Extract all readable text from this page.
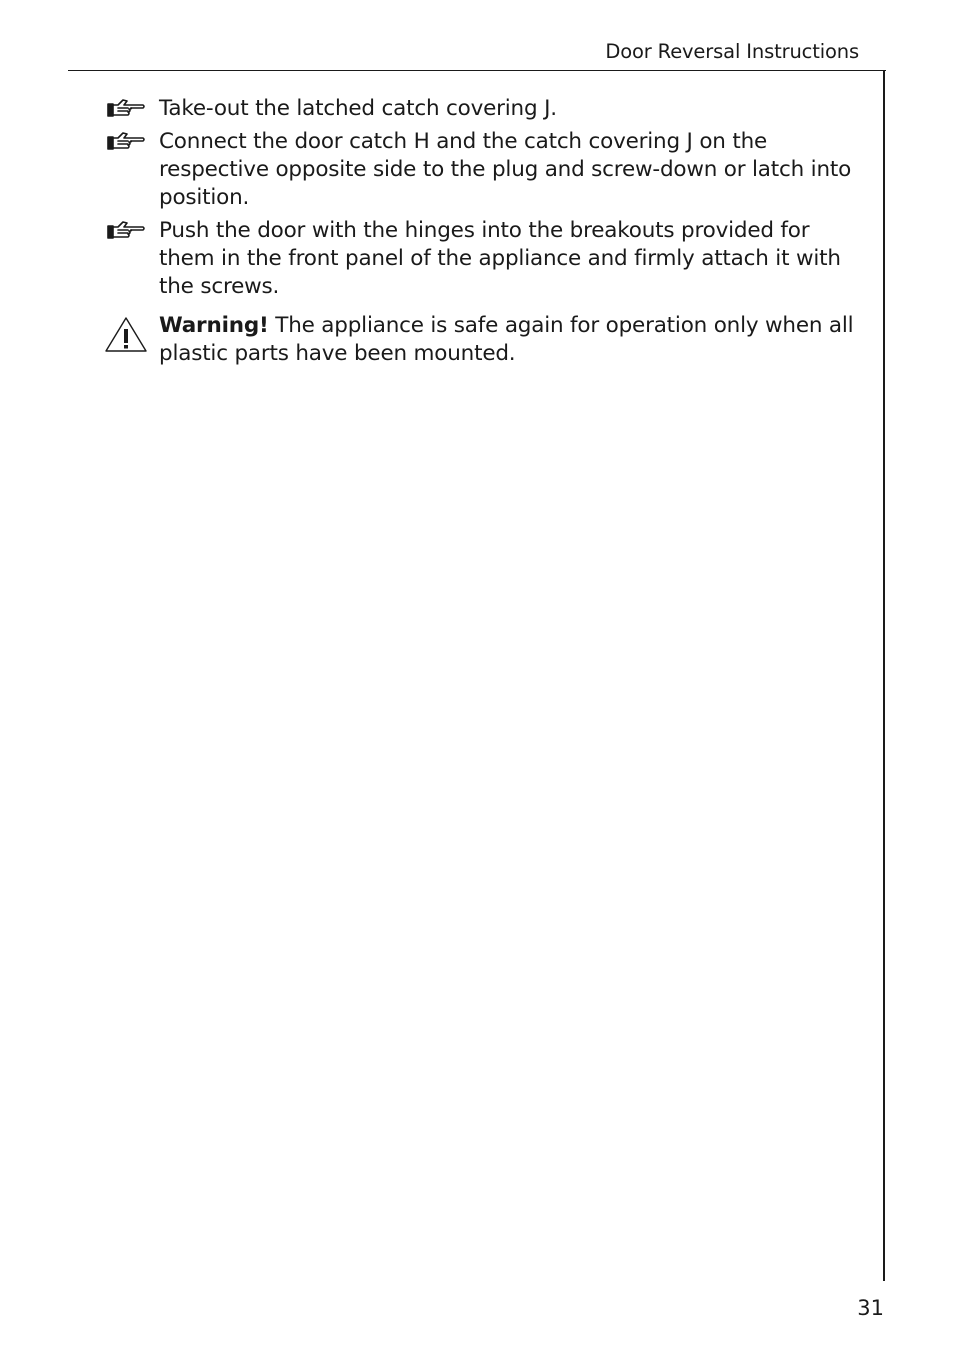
Door Reversal Instructions
Take-out the latched catch covering J.
Connect the door catch H and the catch covering J on the respective opposite side to the plug and screw-down or latch into position.
Push the door with the hinges into the breakouts provided for them in the front panel of the appliance and firmly attach it with the screws.
Warning! The appliance is safe again for operation only when all plastic parts have been mounted.
31
